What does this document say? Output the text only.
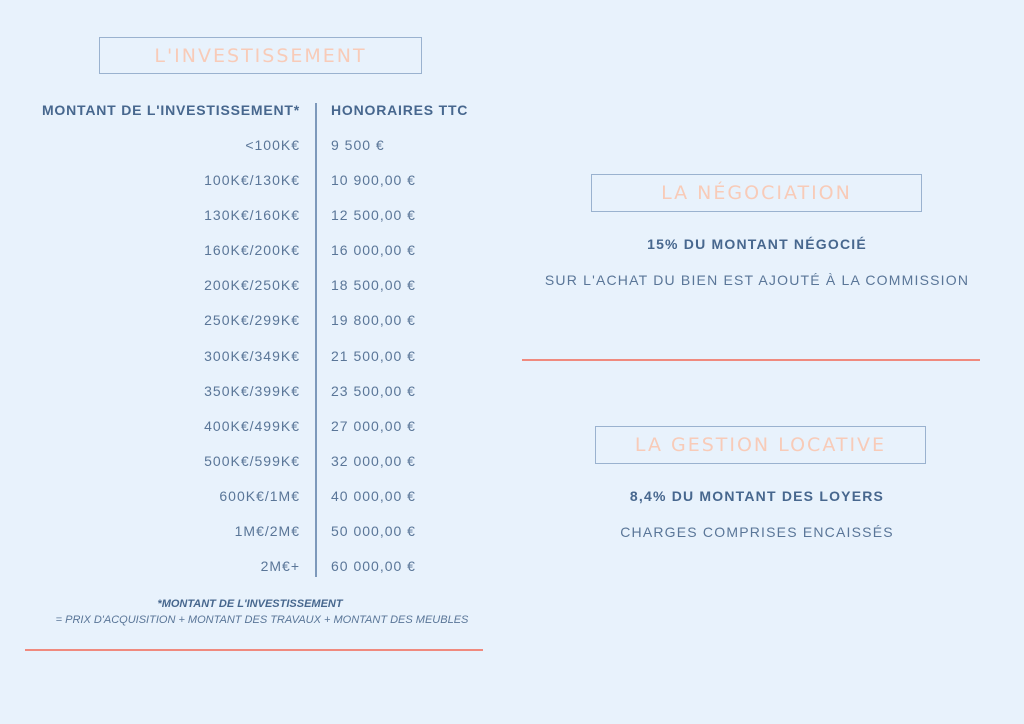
L'INVESTISSEMENT
MONTANT DE L'INVESTISSEMENT* HONORAIRES TTC
<100K€ 9 500 €
100K€/130K€ 10 900,00 €
130K€/160K€ 12 500,00 €
160K€/200K€ 16 000,00 €
200K€/250K€ 18 500,00 €
250K€/299K€ 19 800,00 €
300K€/349K€ 21 500,00 €
350K€/399K€ 23 500,00 €
400K€/499K€ 27 000,00 €
500K€/599K€ 32 000,00 €
600K€/1M€ 40 000,00 €
1M€/2M€ 50 000,00 €
2M€+ 60 000,00 €
*MONTANT DE L'INVESTISSEMENT
= PRIX D'ACQUISITION + MONTANT DES TRAVAUX + MONTANT DES MEUBLES
LA NÉGOCIATION
15% DU MONTANT NÉGOCIÉ
SUR L'ACHAT DU BIEN EST AJOUTÉ À LA COMMISSION
LA GESTION LOCATIVE
8,4% DU MONTANT DES LOYERS
CHARGES COMPRISES ENCAISSÉS
